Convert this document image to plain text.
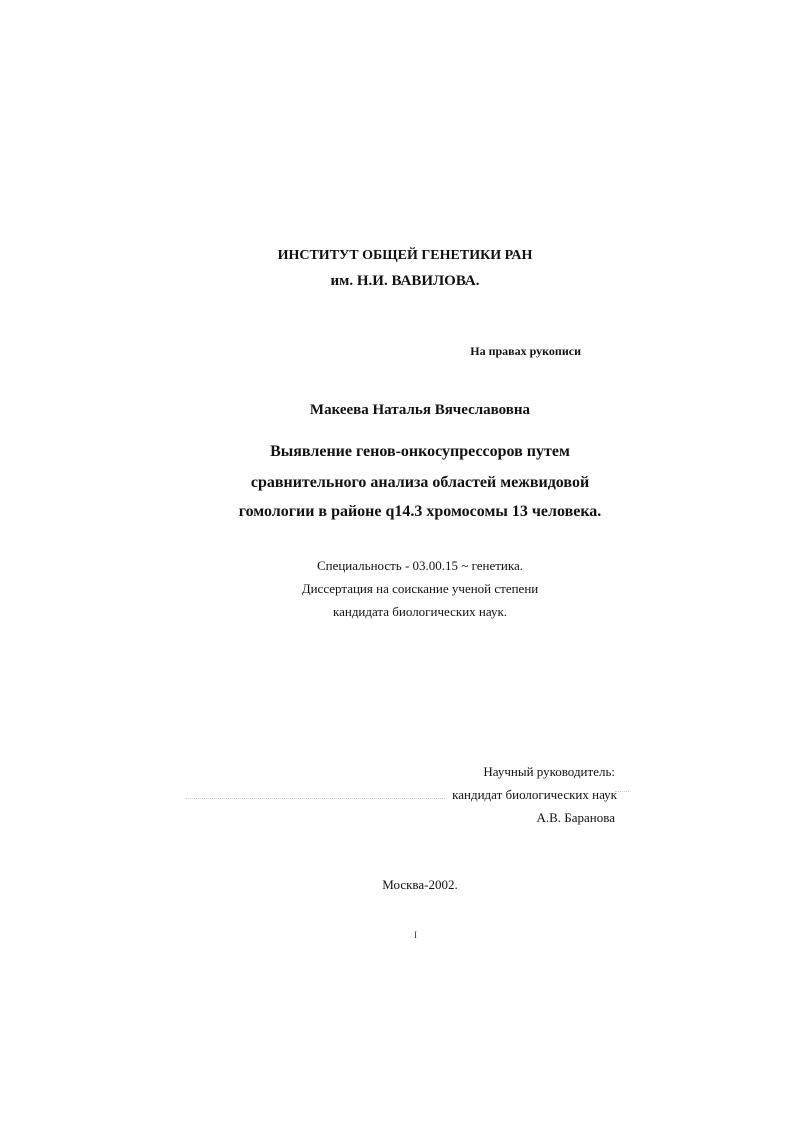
ИНСТИТУТ ОБЩЕЙ ГЕНЕТИКИ РАН
им. Н.И. ВАВИЛОВА.
На правах рукописи
Макеева Наталья Вячеславовна
Выявление генов-онкосупрессоров путем
сравнительного анализа областей межвидовой
гомологии в районе q14.3 хромосомы 13 человека.
Специальность - 03.00.15 ~ генетика.
Диссертация на соискание ученой степени
кандидата биологических наук.
Научный руководитель:
кандидат биологических наук
А.В. Баранова
Москва-2002.
I
